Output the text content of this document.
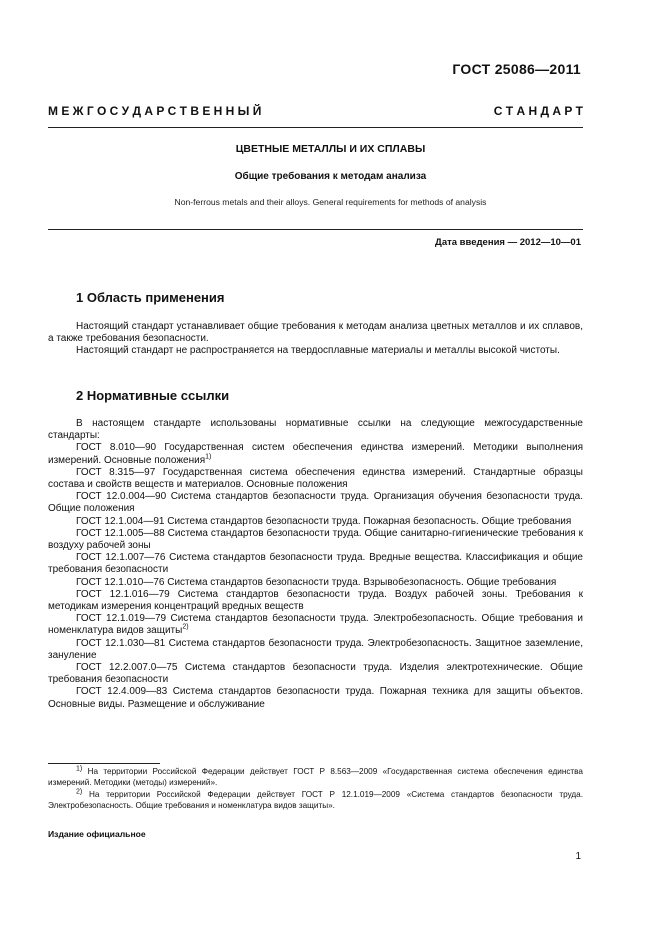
ГОСТ 25086—2011
М Е Ж Г О С У Д А Р С Т В Е Н Н Ы Й	С Т А Н Д А Р Т
ЦВЕТНЫЕ МЕТАЛЛЫ И ИХ СПЛАВЫ
Общие требования к методам анализа
Non-ferrous metals and their alloys. General requirements for methods of analysis
Дата введения — 2012—10—01
1 Область применения

Настоящий стандарт устанавливает общие требования к методам анализа цветных металлов и их сплавов, а также требования безопасности.

Настоящий стандарт не распространяется на твердосплавные материалы и металлы высокой чистоты.

2 Нормативные ссылки

В настоящем стандарте использованы нормативные ссылки на следующие межгосударственные стандарты:

ГОСТ 8.010—90 Государственная систем обеспечения единства измерений. Методики выполнения измерений. Основные положения$^{1)}$

ГОСТ 8.315—97 Государственная система обеспечения единства измерений. Стандартные образцы состава и свойств веществ и материалов. Основные положения

ГОСТ 12.0.004—90 Система стандартов безопасности труда. Организация обучения безопасности труда. Общие положения

ГОСТ 12.1.004—91 Система стандартов безопасности труда. Пожарная безопасность. Общие требования

ГОСТ 12.1.005—88 Система стандартов безопасности труда. Общие санитарно-гигиенические требования к воздуху рабочей зоны

ГОСТ 12.1.007—76 Система стандартов безопасности труда. Вредные вещества. Классификация и общие требования безопасности

ГОСТ 12.1.010—76 Система стандартов безопасности труда. Взрывобезопасность. Общие требования

ГОСТ 12.1.016—79 Система стандартов безопасности труда. Воздух рабочей зоны. Требования к методикам измерения концентраций вредных веществ

ГОСТ 12.1.019—79 Система стандартов безопасности труда. Электробезопасность. Общие требования и номенклатура видов защиты$^{2)}$

ГОСТ 12.1.030—81 Система стандартов безопасности труда. Электробезопасность. Защитное заземление, зануление

ГОСТ 12.2.007.0—75 Система стандартов безопасности труда. Изделия электротехнические. Общие требования безопасности

ГОСТ 12.4.009—83 Система стандартов безопасности труда. Пожарная техника для защиты объектов. Основные виды. Размещение и обслуживание

$^{1)}$ На территории Российской Федерации действует ГОСТ Р 8.563—2009 «Государственная система обеспечения единства измерений. Методики (методы) измерений».

$^{2)}$ На территории Российской Федерации действует ГОСТ Р 12.1.019—2009 «Система стандартов безопасности труда. Электробезопасность. Общие требования и номенклатура видов защиты».

Издание официальное
1
